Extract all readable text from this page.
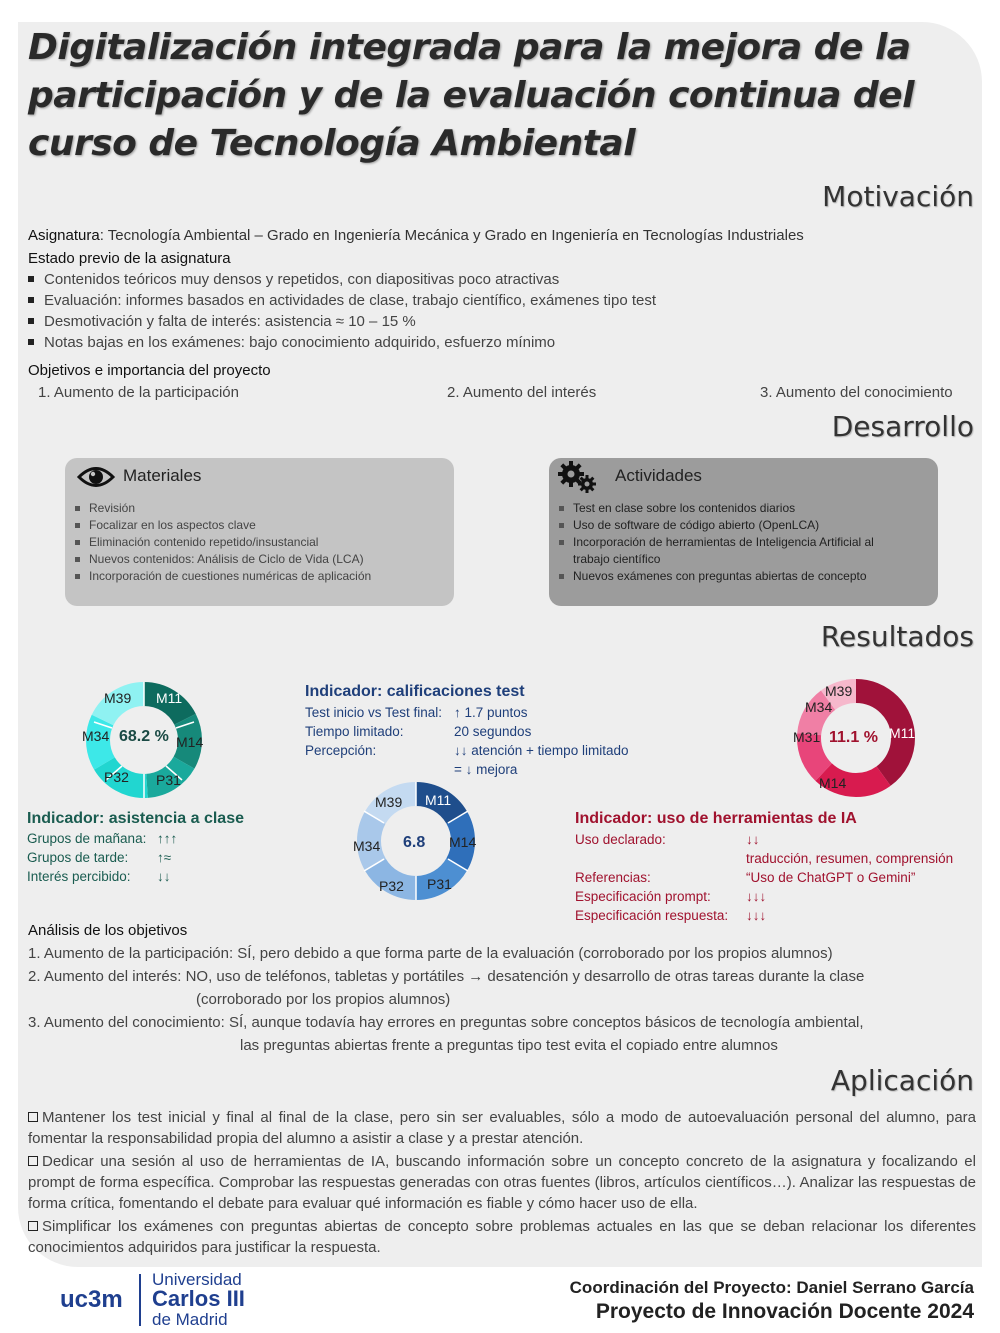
Digitalización integrada para la mejora de la participación y de la evaluación continua del curso de Tecnología Ambiental
Motivación
Asignatura: Tecnología Ambiental – Grado en Ingeniería Mecánica y Grado en Ingeniería en Tecnologías Industriales
Estado previo de la asignatura
Contenidos teóricos muy densos y repetidos, con diapositivas poco atractivas
Evaluación: informes basados en actividades de clase, trabajo científico, exámenes tipo test
Desmotivación y falta de interés: asistencia ≈ 10 – 15 %
Notas bajas en los exámenes: bajo conocimiento adquirido, esfuerzo mínimo
Objetivos e importancia del proyecto
1. Aumento de la participación	2. Aumento del interés	3. Aumento del conocimiento
Desarrollo
Materiales
Revisión
Focalizar en los aspectos clave
Eliminación contenido repetido/insustancial
Nuevos contenidos: Análisis de Ciclo de Vida (LCA)
Incorporación de cuestiones numéricas de aplicación
Actividades
Test en clase sobre los contenidos diarios
Uso de software de código abierto (OpenLCA)
Incorporación de herramientas de Inteligencia Artificial al trabajo científico
Nuevos exámenes con preguntas abiertas de concepto
Resultados
68.2 %
M11
M14
P31
P32
M34
M39	Indicador: calificaciones test
Test inicio vs Test final: ↑ 1.7 puntos
Tiempo limitado:	20 segundos
Percepción:	↓↓ atención + tiempo limitado
= ↓ mejora
11.1 % M11
M14
M31
M34
M39
6.8
M11
M14
P31
P32
M34
M39
Indicador: asistencia a clase
Grupos de mañana: ↑↑↑
Grupos de tarde: ↑≈
Interés percibido: ↓↓
Indicador: uso de herramientas de IA
Uso declarado:	↓↓
traducción, resumen, comprensión
Referencias:	“Uso de ChatGPT o Gemini”
Especificación prompt:	↓↓↓
Especificación respuesta: ↓↓↓
Análisis de los objetivos
1. Aumento de la participación: SÍ, pero debido a que forma parte de la evaluación (corroborado por los propios alumnos)
2. Aumento del interés: NO, uso de teléfonos, tabletas y portátiles → desatención y desarrollo de otras tareas durante la clase
(corroborado por los propios alumnos)
3. Aumento del conocimiento: SÍ, aunque todavía hay errores en preguntas sobre conceptos básicos de tecnología ambiental,
las preguntas abiertas frente a preguntas tipo test evita el copiado entre alumnos
Aplicación
Mantener los test inicial y final al final de la clase, pero sin ser evaluables, sólo a modo de autoevaluación personal del alumno, para fomentar la responsabilidad propia del alumno a asistir a clase y a prestar atención.
Dedicar una sesión al uso de herramientas de IA, buscando información sobre un concepto concreto de la asignatura y focalizando el prompt de forma específica. Comprobar las respuestas generadas con otras fuentes (libros, artículos científicos…). Analizar las respuestas de forma crítica, fomentando el debate para evaluar qué información es fiable y cómo hacer uso de ella.
Simplificar los exámenes con preguntas abiertas de concepto sobre problemas actuales en las que se deban relacionar los diferentes conocimientos adquiridos para justificar la respuesta.
uc3m
Universidad
Carlos III
de Madrid
Coordinación del Proyecto: Daniel Serrano García
Proyecto de Innovación Docente 2024
